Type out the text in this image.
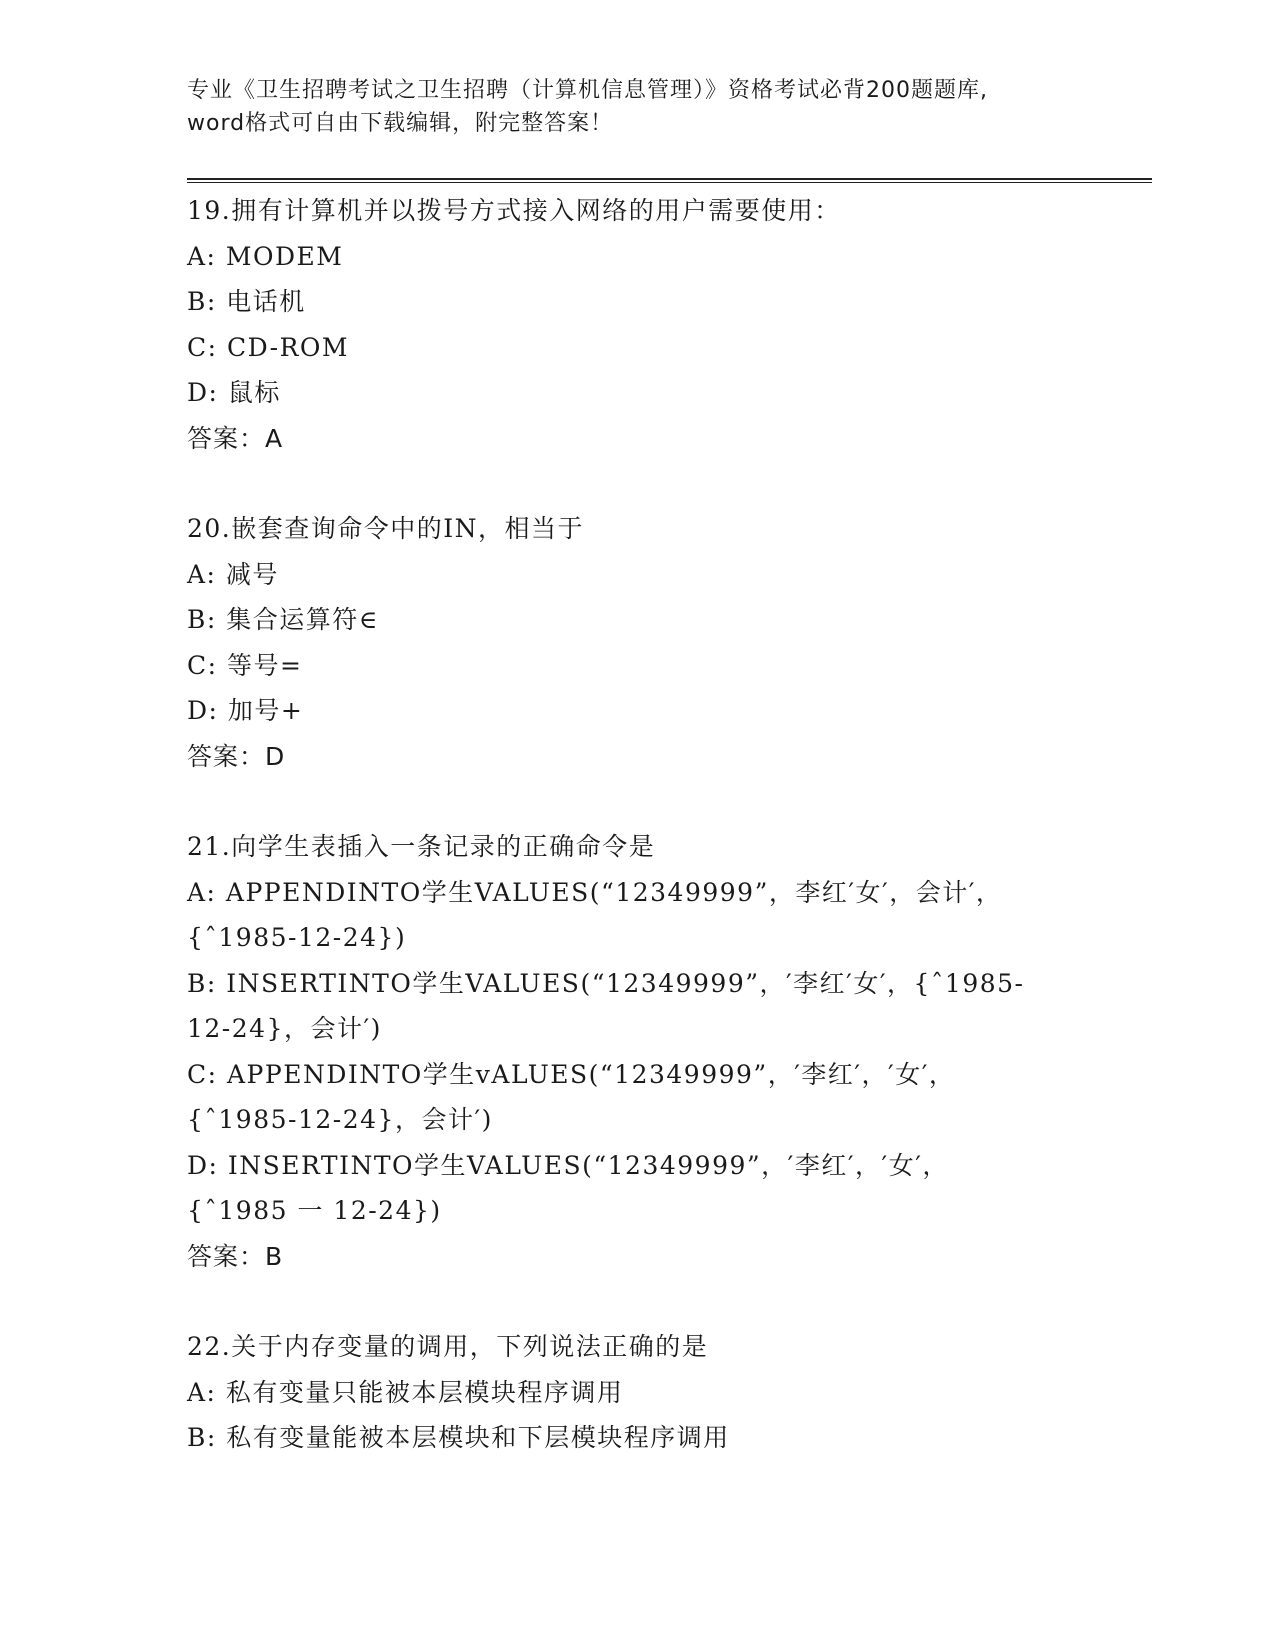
专业《卫生招聘考试之卫生招聘（计算机信息管理）》资格考试必背200题题库,
word格式可自由下载编辑，附完整答案！
19.拥有计算机并以拨号方式接入网络的用户需要使用：
A: MODEM
B: 电话机
C: CD-ROM
D: 鼠标
答案：A
20.嵌套查询命令中的IN，相当于
A: 减号
B: 集合运算符∈
C: 等号=
D: 加号+
答案：D
21.向学生表插入一条记录的正确命令是
A: APPENDINTO学生VALUES(“12349999”，李红′女′，会计′，
{ˆ1985-12-24})
B: INSERTINTO学生VALUES(“12349999”，′李红′女′，{ˆ1985-
12-24}，会计′)
C: APPENDINTO学生vALUES(“12349999”，′李红′，′女′，
{ˆ1985-12-24}，会计′)
D: INSERTINTO学生VALUES(“12349999”，′李红′，′女′，
{ˆ1985 一 12-24})
答案：B
22.关于内存变量的调用，下列说法正确的是
A: 私有变量只能被本层模块程序调用
B: 私有变量能被本层模块和下层模块程序调用
